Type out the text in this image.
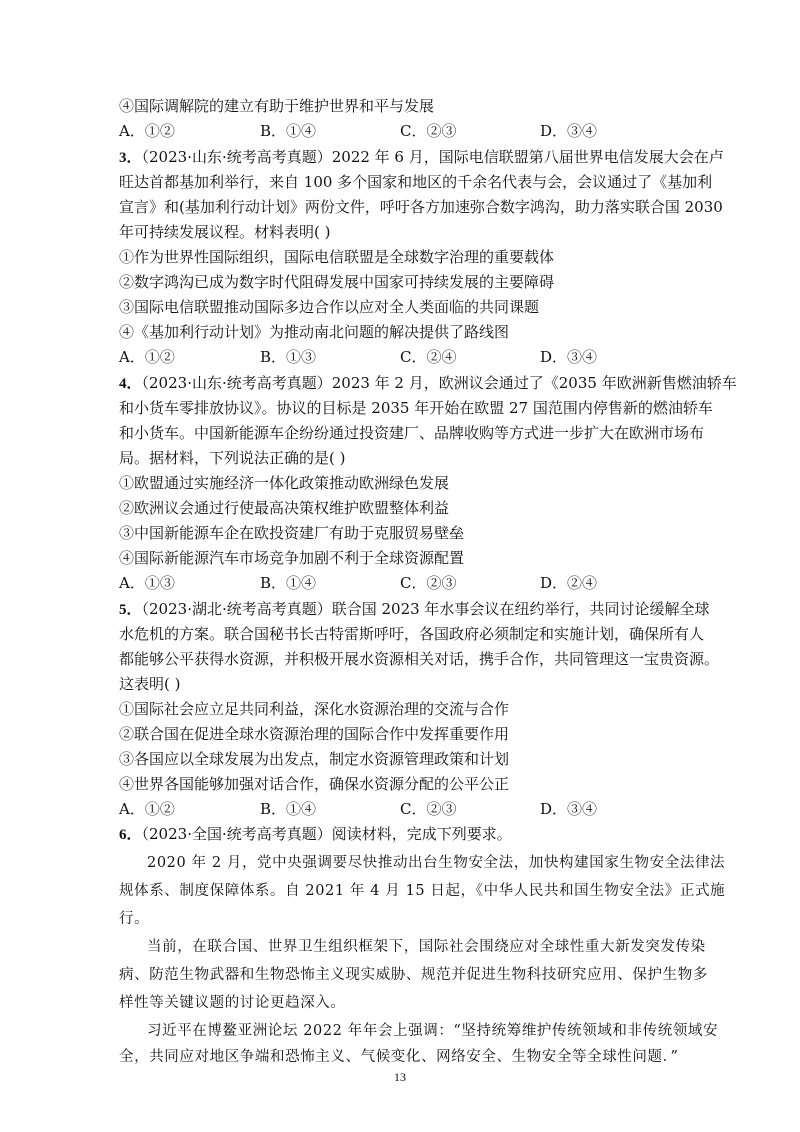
④国际调解院的建立有助于维护世界和平与发展
A．①②	B．①④	C．②③	D．③④
3．（2023·山东·统考高考真题）2022 年 6 月，国际电信联盟第八届世界电信发展大会在卢
旺达首都基加利举行，来自 100 多个国家和地区的千余名代表与会，会议通过了《基加利
宣言》和(基加利行动计划》两份文件，呼吁各方加速弥合数字鸿沟，助力落实联合国 2030
年可持续发展议程。材料表明( )
①作为世界性国际组织，国际电信联盟是全球数字治理的重要载体
②数字鸿沟已成为数字时代阻碍发展中国家可持续发展的主要障碍
③国际电信联盟推动国际多边合作以应对全人类面临的共同课题
④《基加利行动计划》为推动南北问题的解决提供了路线图
A．①②	B．①③	C．②④	D．③④
4．（2023·山东·统考高考真题）2023 年 2 月，欧洲议会通过了《2035 年欧洲新售燃油轿车
和小货车零排放协议》。协议的目标是 2035 年开始在欧盟 27 国范围内停售新的燃油轿车
和小货车。中国新能源车企纷纷通过投资建厂、品牌收购等方式进一步扩大在欧洲市场布
局。据材料，下列说法正确的是( )
①欧盟通过实施经济一体化政策推动欧洲绿色发展
②欧洲议会通过行使最高决策权维护欧盟整体利益
③中国新能源车企在欧投资建厂有助于克服贸易壁垒
④国际新能源汽车市场竞争加剧不利于全球资源配置
A．①③	B．①④	C．②③	D．②④
5．（2023·湖北·统考高考真题）联合国 2023 年水事会议在纽约举行，共同讨论缓解全球
水危机的方案。联合国秘书长古特雷斯呼吁，各国政府必须制定和实施计划，确保所有人
都能够公平获得水资源，并积极开展水资源相关对话，携手合作，共同管理这一宝贵资源。
这表明( )
①国际社会应立足共同利益，深化水资源治理的交流与合作
②联合国在促进全球水资源治理的国际合作中发挥重要作用
③各国应以全球发展为出发点，制定水资源管理政策和计划
④世界各国能够加强对话合作，确保水资源分配的公平公正
A．①②	B．①④	C．②③	D．③④
6．（2023·全国·统考高考真题）阅读材料，完成下列要求。
2020 年 2 月，党中央强调要尽快推动出台生物安全法，加快构建国家生物安全法律法
规体系、制度保障体系。自 2021 年 4 月 15 日起，《中华人民共和国生物安全法》正式施
行。
当前，在联合国、世界卫生组织框架下，国际社会围绕应对全球性重大新发突发传染
病、防范生物武器和生物恐怖主义现实威胁、规范并促进生物科技研究应用、保护生物多
样性等关键议题的讨论更趋深入。
习近平在博鳌亚洲论坛 2022 年年会上强调：“坚持统筹维护传统领域和非传统领域安
全，共同应对地区争端和恐怖主义、气候变化、网络安全、生物安全等全球性问题．”
13
